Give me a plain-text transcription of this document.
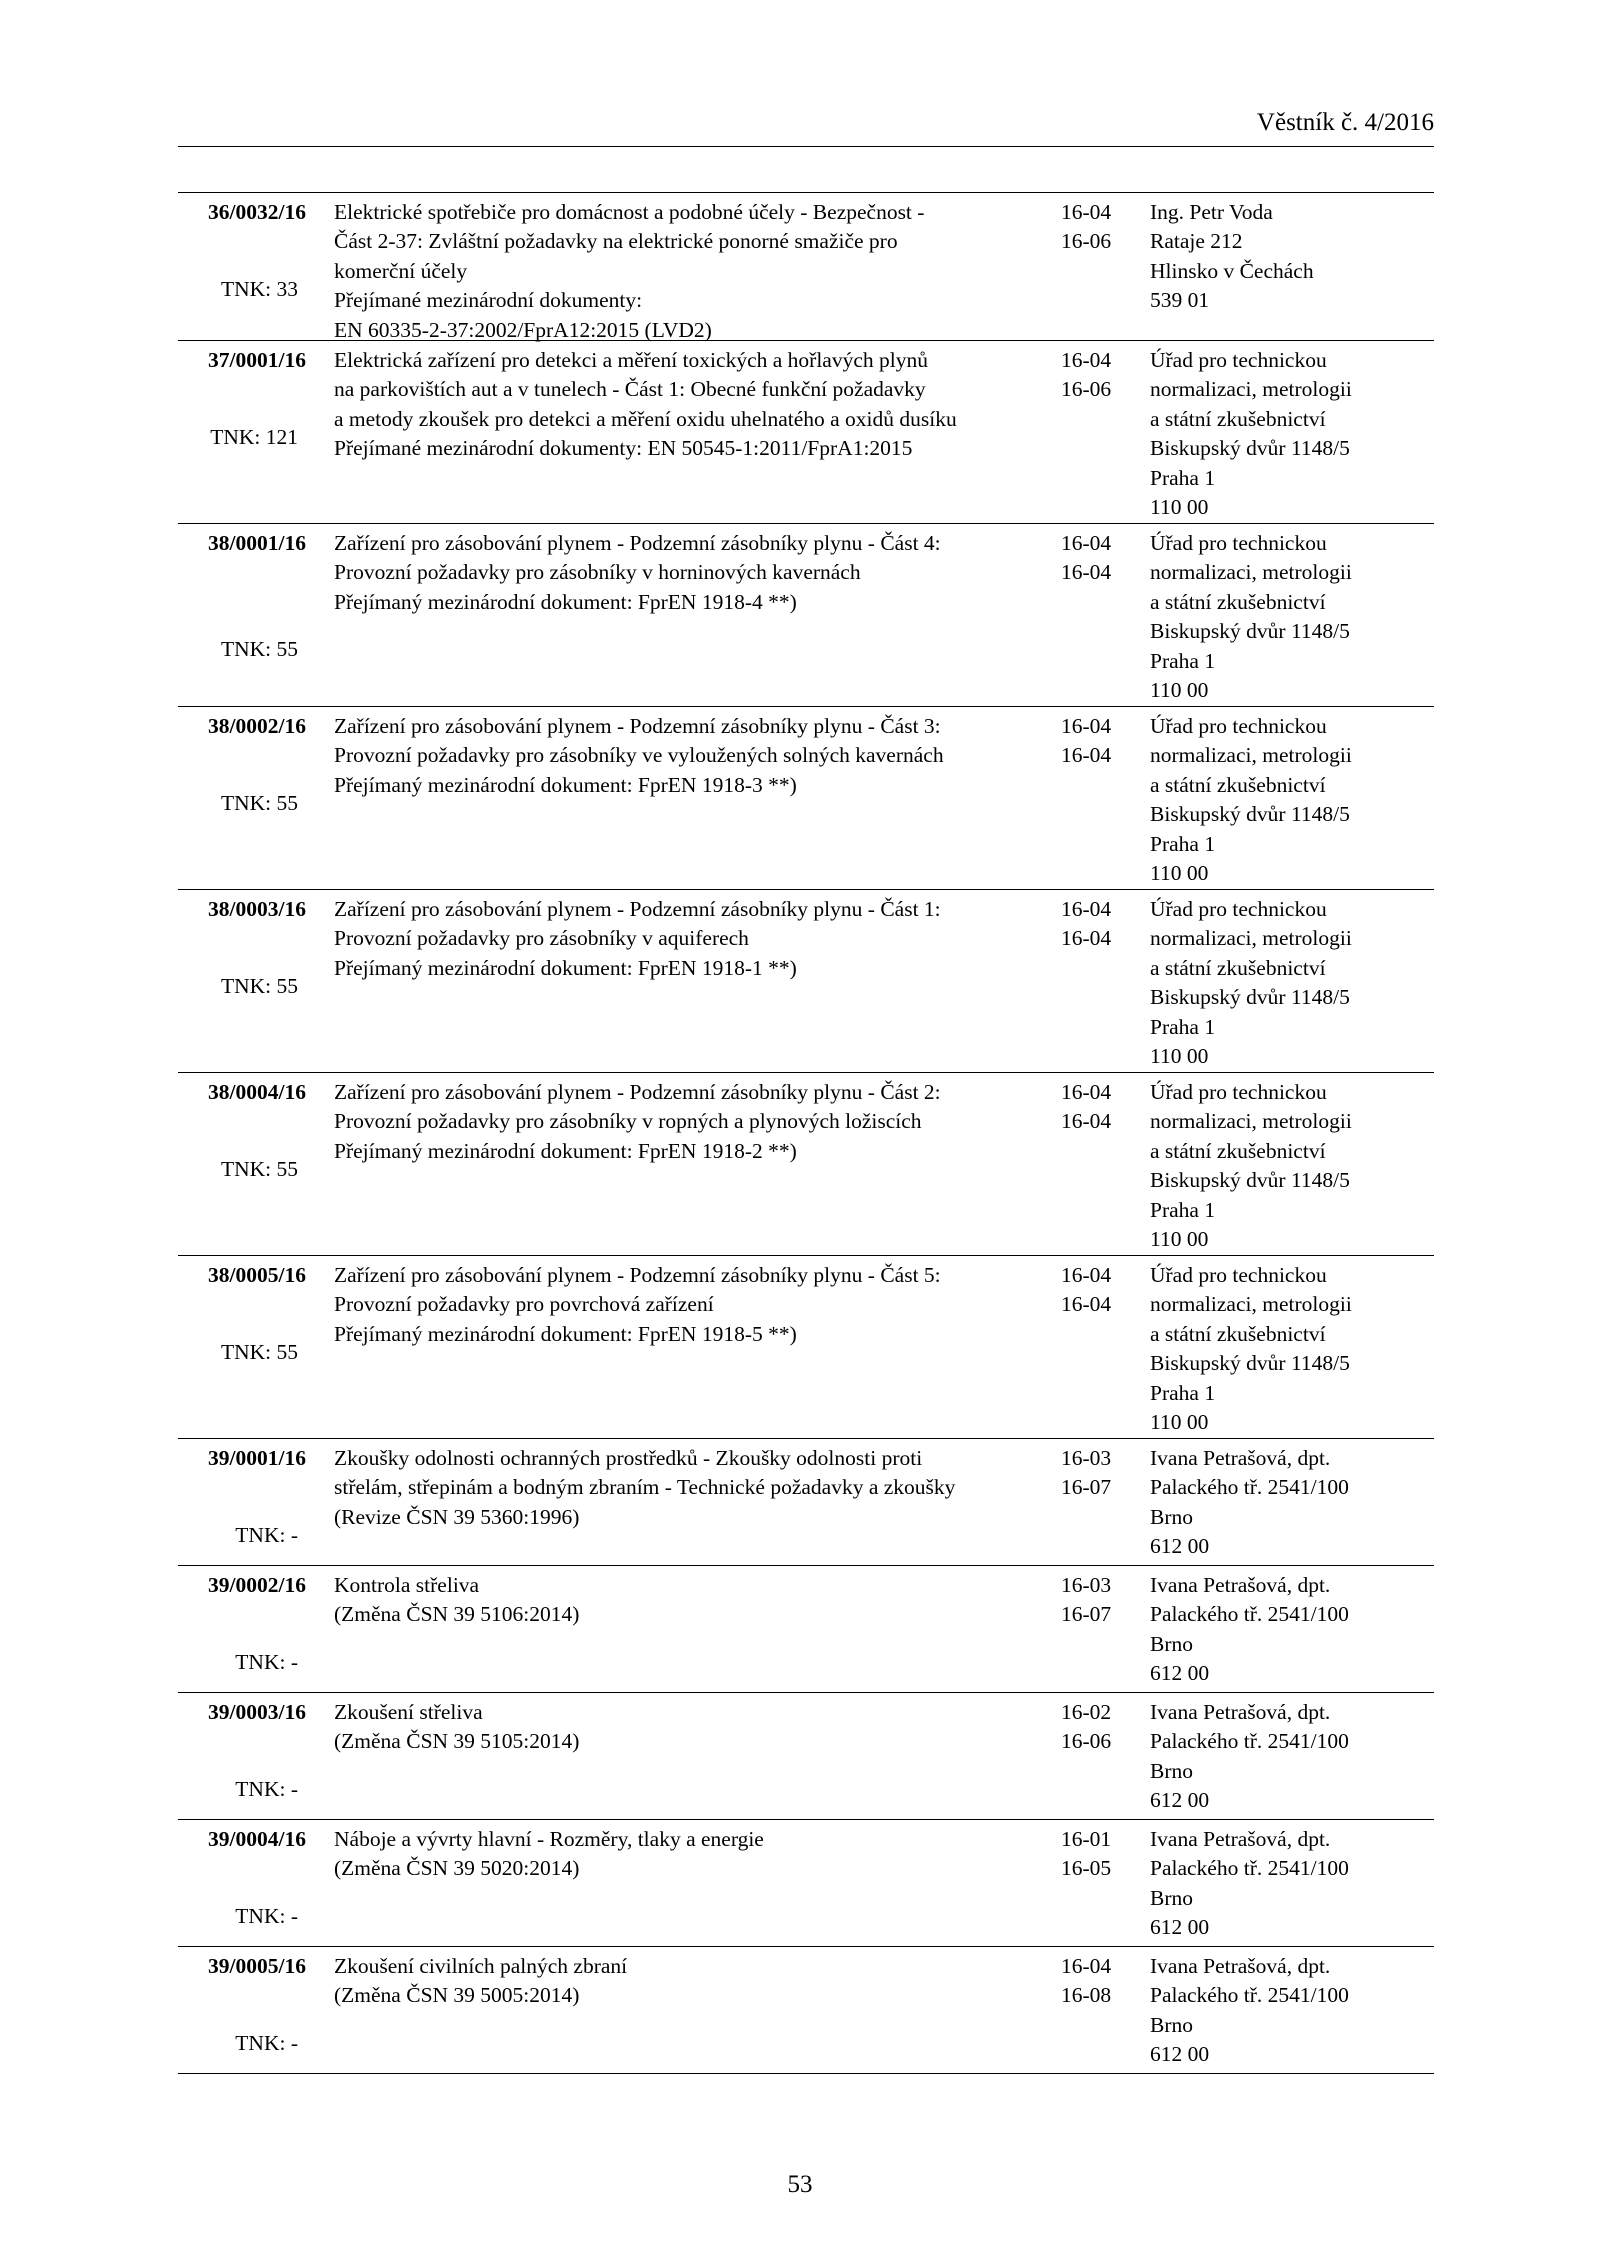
Věstník č. 4/2016
36/0032/16
TNK: 33
Elektrické spotřebiče pro domácnost a podobné účely - Bezpečnost -
Část 2-37: Zvláštní požadavky na elektrické ponorné smažiče pro
komerční účely
Přejímané mezinárodní dokumenty:
EN 60335-2-37:2002/FprA12:2015 (LVD2)
16-04
16-06
Ing. Petr Voda
Rataje 212
Hlinsko v Čechách
539 01
37/0001/16
TNK: 121
Elektrická zařízení pro detekci a měření toxických a hořlavých plynů
na parkovištích aut a v tunelech - Část 1: Obecné funkční požadavky
a metody zkoušek pro detekci a měření oxidu uhelnatého a oxidů dusíku
Přejímané mezinárodní dokumenty: EN 50545-1:2011/FprA1:2015
16-04
16-06
Úřad pro technickou
normalizaci, metrologii
a státní zkušebnictví
Biskupský dvůr 1148/5
Praha 1
110 00
38/0001/16
TNK: 55
Zařízení pro zásobování plynem - Podzemní zásobníky plynu - Část 4:
Provozní požadavky pro zásobníky v horninových kavernách
Přejímaný mezinárodní dokument: FprEN 1918-4 **)
16-04
16-04
Úřad pro technickou
normalizaci, metrologii
a státní zkušebnictví
Biskupský dvůr 1148/5
Praha 1
110 00
38/0002/16
TNK: 55
Zařízení pro zásobování plynem - Podzemní zásobníky plynu - Část 3:
Provozní požadavky pro zásobníky ve vyloužených solných kavernách
Přejímaný mezinárodní dokument: FprEN 1918-3 **)
16-04
16-04
Úřad pro technickou
normalizaci, metrologii
a státní zkušebnictví
Biskupský dvůr 1148/5
Praha 1
110 00
38/0003/16
TNK: 55
Zařízení pro zásobování plynem - Podzemní zásobníky plynu - Část 1:
Provozní požadavky pro zásobníky v aquiferech
Přejímaný mezinárodní dokument: FprEN 1918-1 **)
16-04
16-04
Úřad pro technickou
normalizaci, metrologii
a státní zkušebnictví
Biskupský dvůr 1148/5
Praha 1
110 00
38/0004/16
TNK: 55
Zařízení pro zásobování plynem - Podzemní zásobníky plynu - Část 2:
Provozní požadavky pro zásobníky v ropných a plynových ložiscích
Přejímaný mezinárodní dokument: FprEN 1918-2 **)
16-04
16-04
Úřad pro technickou
normalizaci, metrologii
a státní zkušebnictví
Biskupský dvůr 1148/5
Praha 1
110 00
38/0005/16
TNK: 55
Zařízení pro zásobování plynem - Podzemní zásobníky plynu - Část 5:
Provozní požadavky pro povrchová zařízení
Přejímaný mezinárodní dokument: FprEN 1918-5 **)
16-04
16-04
Úřad pro technickou
normalizaci, metrologii
a státní zkušebnictví
Biskupský dvůr 1148/5
Praha 1
110 00
39/0001/16
TNK: -
Zkoušky odolnosti ochranných prostředků - Zkoušky odolnosti proti
střelám, střepinám a bodným zbraním - Technické požadavky a zkoušky
(Revize ČSN 39 5360:1996)
16-03
16-07
Ivana Petrašová, dpt.
Palackého tř. 2541/100
Brno
612 00
39/0002/16
TNK: -
Kontrola střeliva
(Změna ČSN 39 5106:2014)
16-03
16-07
Ivana Petrašová, dpt.
Palackého tř. 2541/100
Brno
612 00
39/0003/16
TNK: -
Zkoušení střeliva
(Změna ČSN 39 5105:2014)
16-02
16-06
Ivana Petrašová, dpt.
Palackého tř. 2541/100
Brno
612 00
39/0004/16
TNK: -
Náboje a vývrty hlavní - Rozměry, tlaky a energie
(Změna ČSN 39 5020:2014)
16-01
16-05
Ivana Petrašová, dpt.
Palackého tř. 2541/100
Brno
612 00
39/0005/16
TNK: -
Zkoušení civilních palných zbraní
(Změna ČSN 39 5005:2014)
16-04
16-08
Ivana Petrašová, dpt.
Palackého tř. 2541/100
Brno
612 00
53
